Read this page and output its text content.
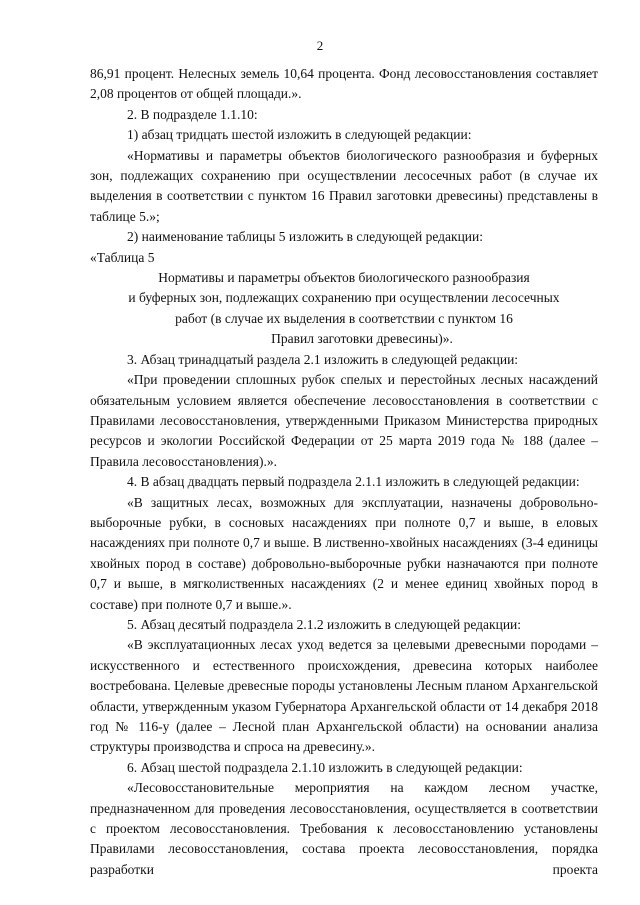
2

86,91 процент. Нелесных земель 10,64 процента. Фонд лесовосстановления составляет 2,08 процентов от общей площади.».

2. В подразделе 1.1.10:

1) абзац тридцать шестой изложить в следующей редакции:

«Нормативы и параметры объектов биологического разнообразия и буферных зон, подлежащих сохранению при осуществлении лесосечных работ (в случае их выделения в соответствии с пунктом 16 Правил заготовки древесины) представлены в таблице 5.»;

2) наименование таблицы 5 изложить в следующей редакции:

«Таблица 5

Нормативы и параметры объектов биологического разнообразия

и буферных зон, подлежащих сохранению при осуществлении лесосечных

работ (в случае их выделения в соответствии с пунктом 16

Правил заготовки древесины)».

3. Абзац тринадцатый раздела 2.1 изложить в следующей редакции:

«При проведении сплошных рубок спелых и перестойных лесных насаждений обязательным условием является обеспечение лесовосстановления в соответствии с Правилами лесовосстановления, утвержденными Приказом Министерства природных ресурсов и экологии Российской Федерации от 25 марта 2019 года № 188 (далее – Правила лесовосстановления).».

4. В абзац двадцать первый подраздела 2.1.1 изложить в следующей редакции:

«В защитных лесах, возможных для эксплуатации, назначены добровольно-выборочные рубки, в сосновых насаждениях при полноте 0,7 и выше, в еловых насаждениях при полноте 0,7 и выше. В лиственно-хвойных насаждениях (3-4 единицы хвойных пород в составе) добровольно-выборочные рубки назначаются при полноте 0,7 и выше, в мягколиственных насаждениях (2 и менее единиц хвойных пород в составе) при полноте 0,7 и выше.».

5. Абзац десятый подраздела 2.1.2 изложить в следующей редакции:

«В эксплуатационных лесах уход ведется за целевыми древесными породами – искусственного и естественного происхождения, древесина которых наиболее востребована. Целевые древесные породы установлены Лесным планом Архангельской области, утвержденным указом Губернатора Архангельской области от 14 декабря 2018 год № 116-у (далее – Лесной план Архангельской области) на основании анализа структуры производства и спроса на древесину.».

6. Абзац шестой подраздела 2.1.10 изложить в следующей редакции:

«Лесовосстановительные мероприятия на каждом лесном участке, предназначенном для проведения лесовосстановления, осуществляется в соответствии с проектом лесовосстановления. Требования к лесовосстановлению установлены Правилами лесовосстановления, состава проекта лесовосстановления, порядка разработки проекта
